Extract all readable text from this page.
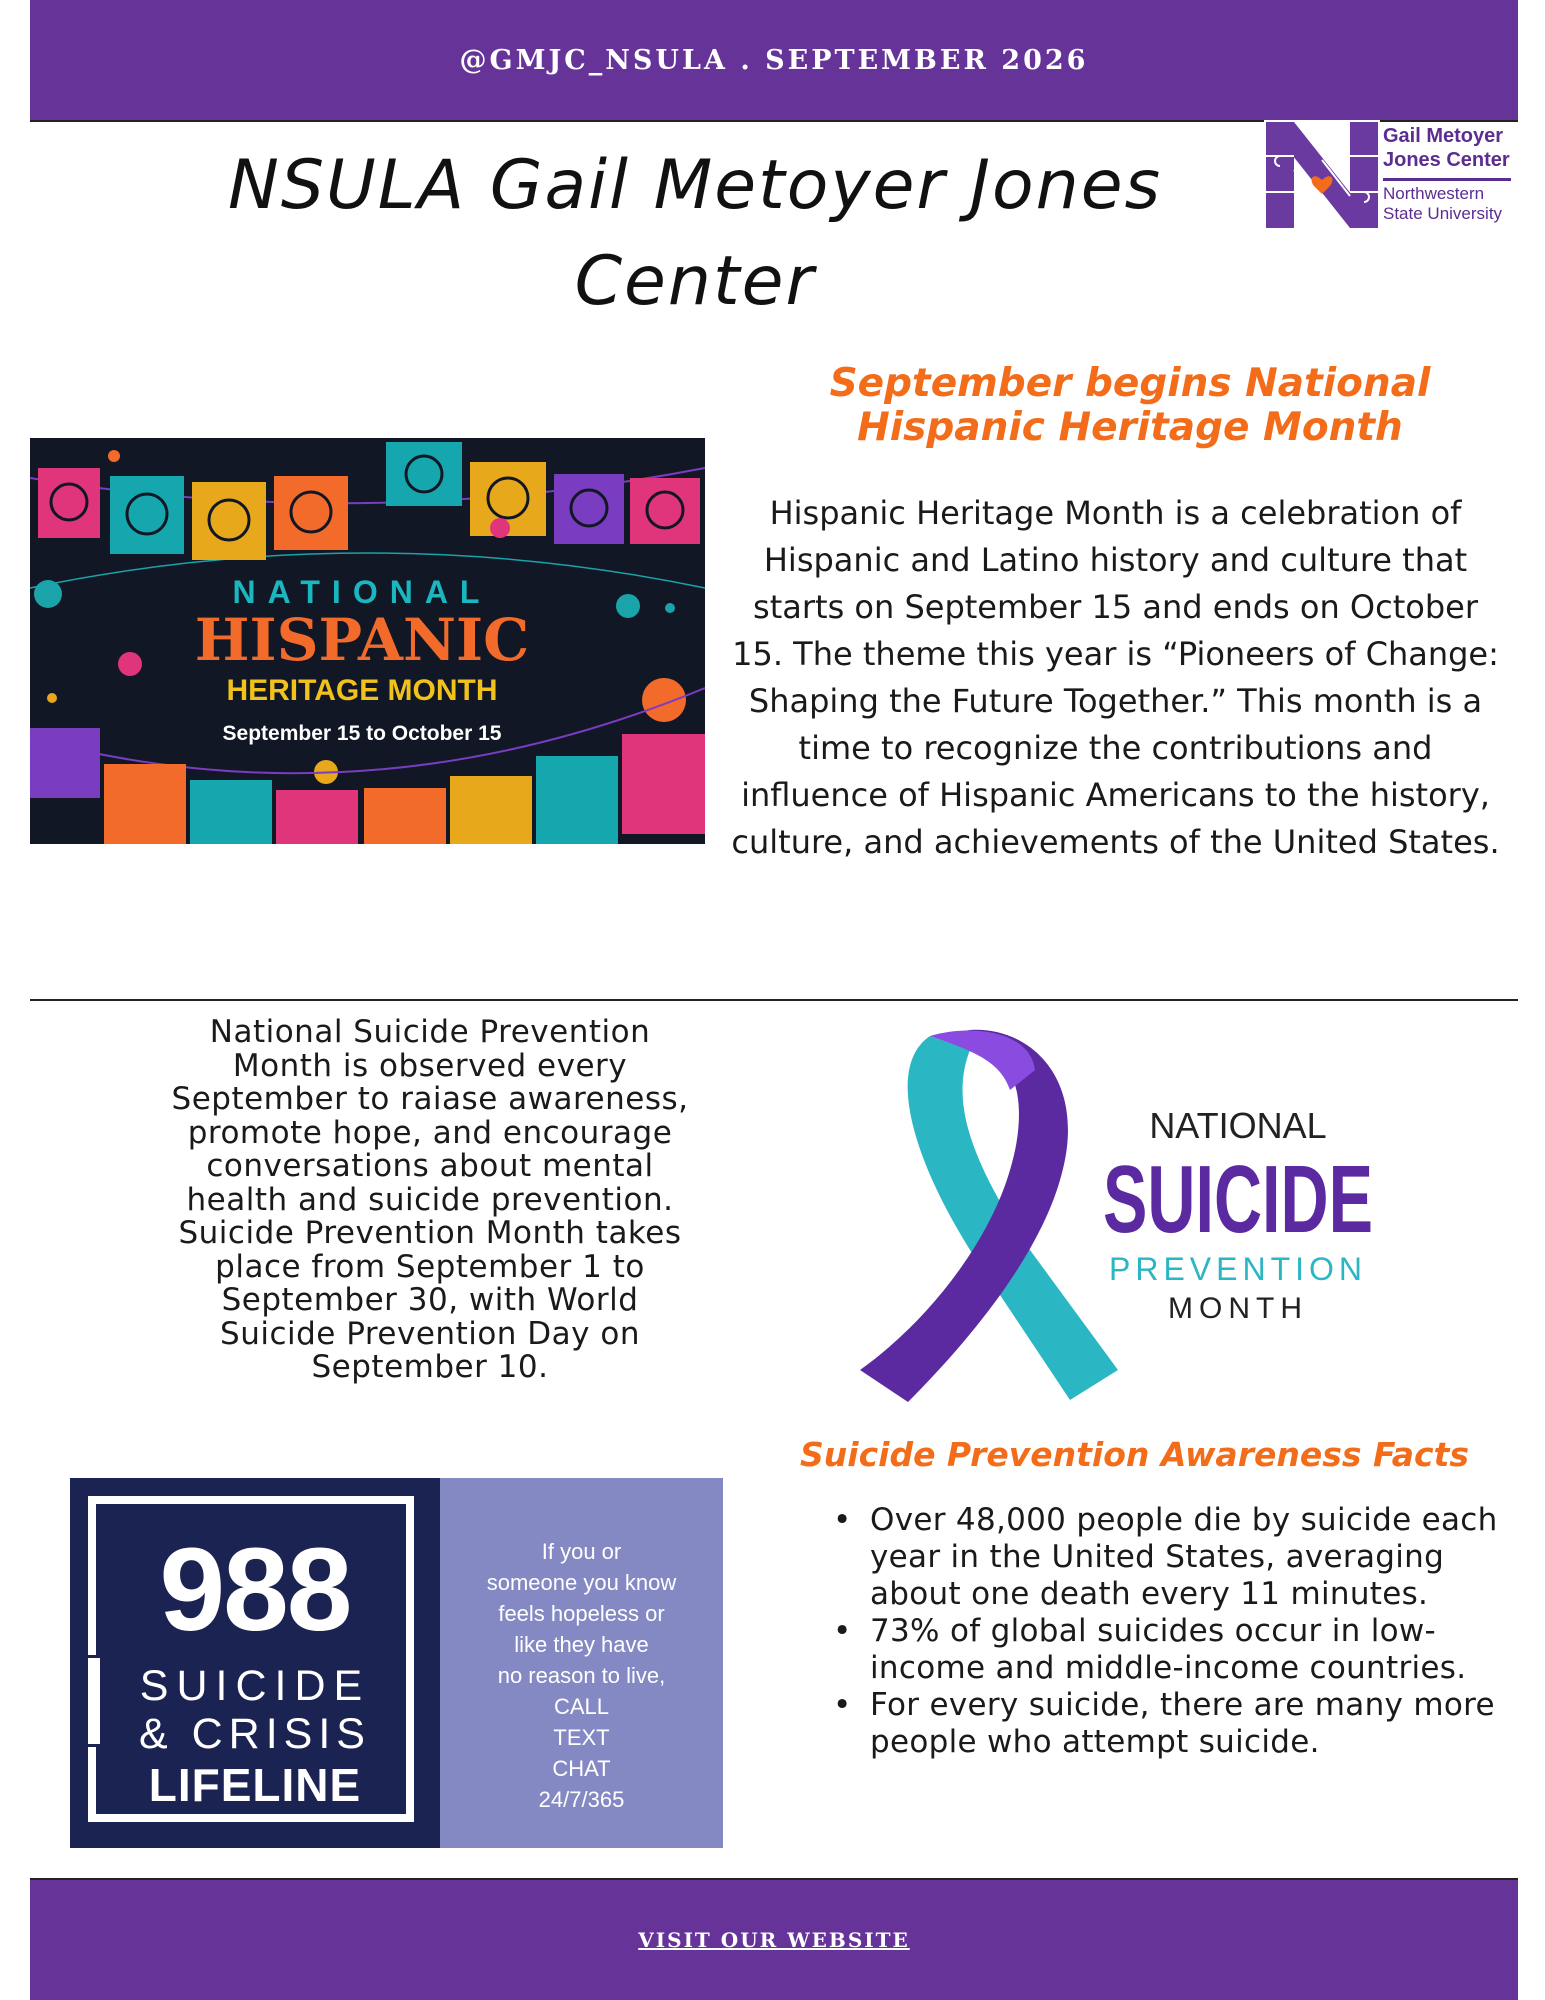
@GMJC_NSULA . SEPTEMBER 2026
NSULA Gail Metoyer Jones Center
Gail Metoyer Jones Center
Northwestern State University
NATIONAL
HISPANIC
HERITAGE MONTH
September 15 to October 15
September begins National Hispanic Heritage Month
Hispanic Heritage Month is a celebration of Hispanic and Latino history and culture that starts on September 15 and ends on October 15. The theme this year is “Pioneers of Change: Shaping the Future Together.” This month is a time to recognize the contributions and influence of Hispanic Americans to the history, culture, and achievements of the United States.
National Suicide Prevention Month is observed every September to raiase awareness, promote hope, and encourage conversations about mental health and suicide prevention. Suicide Prevention Month takes place from September 1 to September 30, with World Suicide Prevention Day on September 10.
NATIONAL
SUICIDE
PREVENTION
MONTH
Suicide Prevention Awareness Facts
• Over 48,000 people die by suicide each year in the United States, averaging about one death every 11 minutes.
• 73% of global suicides occur in low-income and middle-income countries.
• For every suicide, there are many more people who attempt suicide.
988
SUICIDE
& CRISIS
LIFELINE
If you or
someone you know
feels hopeless or
like they have
no reason to live,
CALL
TEXT
CHAT
24/7/365
VISIT OUR WEBSITE
